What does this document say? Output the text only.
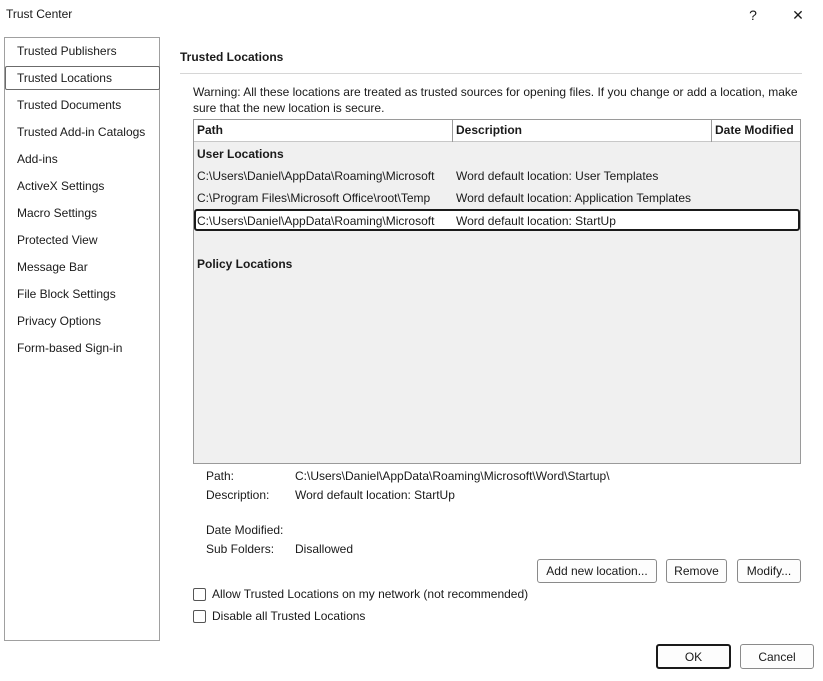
Trust Center	?	✕
Trusted Publishers
Trusted Locations
Trusted Documents
Trusted Add-in Catalogs
Add-ins
ActiveX Settings
Macro Settings
Protected View
Message Bar
File Block Settings
Privacy Options
Form-based Sign-in
Trusted Locations
Warning: All these locations are treated as trusted sources for opening files. If you change or add a location, make sure that the new location is secure.
Path	Description	Date Modified
User Locations
C:\Users\Daniel\AppData\Roaming\Microsoft	Word default location: User Templates
C:\Program Files\Microsoft Office\root\Temp	Word default location: Application Templates
C:\Users\Daniel\AppData\Roaming\Microsoft	Word default location: StartUp
Policy Locations
Path:	C:\Users\Daniel\AppData\Roaming\Microsoft\Word\Startup\
Description: Word default location: StartUp
Date Modified:
Sub Folders: Disallowed
Add new location...	Remove	Modify...
Allow Trusted Locations on my network (not recommended)
Disable all Trusted Locations
OK	Cancel
